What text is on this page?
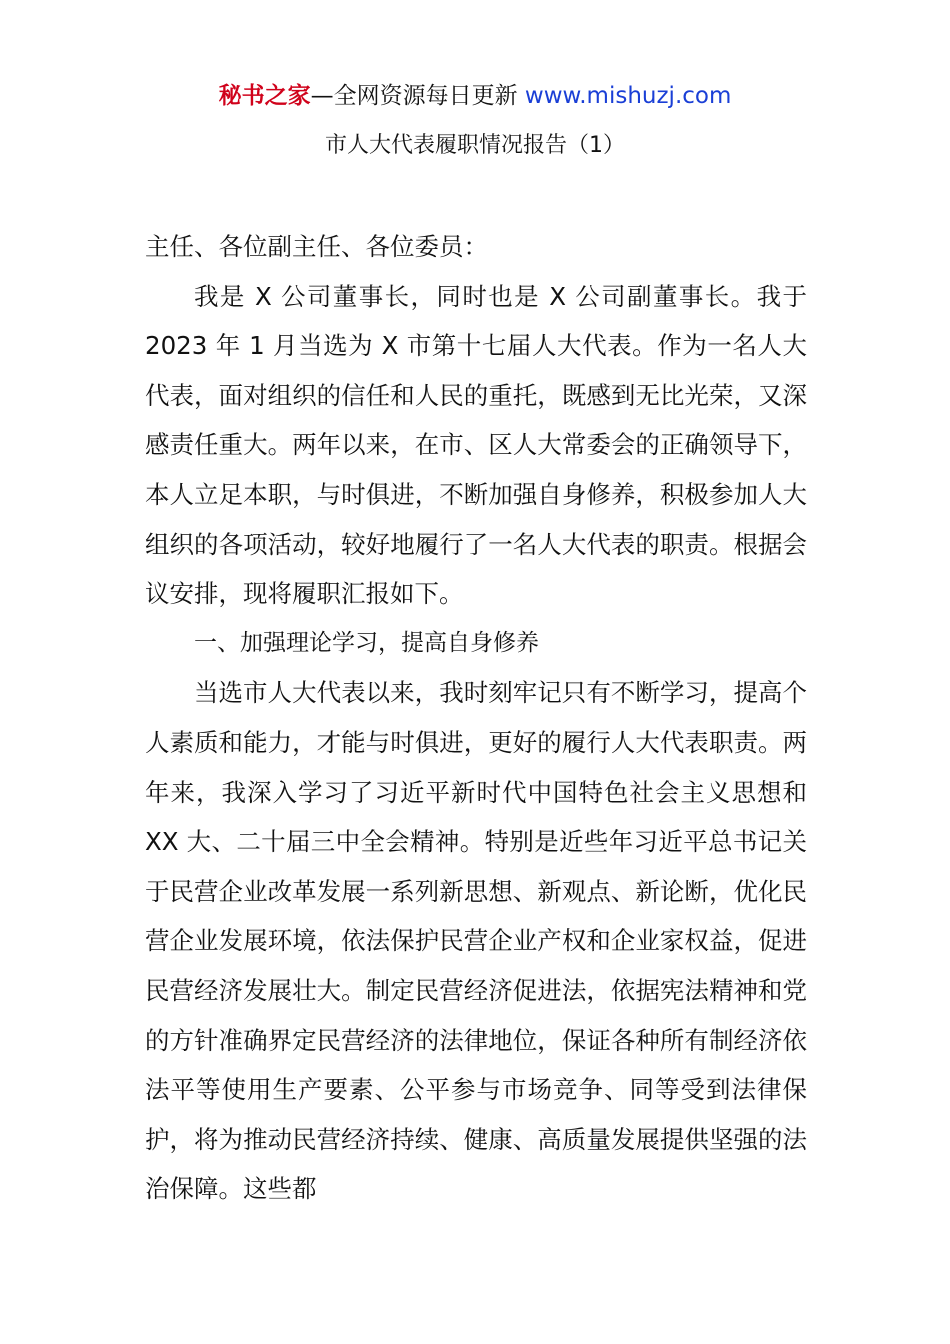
秘书之家—全网资源每日更新 www.mishuzj.com
市人大代表履职情况报告（1）

主任、各位副主任、各位委员：

我是 X 公司董事长，同时也是 X 公司副董事长。我于 2023 年 1 月当选为 X 市第十七届人大代表。作为一名人大代表，面对组织的信任和人民的重托，既感到无比光荣，又深感责任重大。两年以来，在市、区人大常委会的正确领导下，本人立足本职，与时俱进，不断加强自身修养，积极参加人大组织的各项活动，较好地履行了一名人大代表的职责。根据会议安排，现将履职汇报如下。

一、加强理论学习，提高自身修养

当选市人大代表以来，我时刻牢记只有不断学习，提高个人素质和能力，才能与时俱进，更好的履行人大代表职责。两年来，我深入学习了习近平新时代中国特色社会主义思想和 XX 大、二十届三中全会精神。特别是近些年习近平总书记关于民营企业改革发展一系列新思想、新观点、新论断，优化民营企业发展环境，依法保护民营企业产权和企业家权益，促进民营经济发展壮大。制定民营经济促进法，依据宪法精神和党的方针准确界定民营经济的法律地位，保证各种所有制经济依法平等使用生产要素、公平参与市场竞争、同等受到法律保护，将为推动民营经济持续、健康、高质量发展提供坚强的法治保障。这些都
